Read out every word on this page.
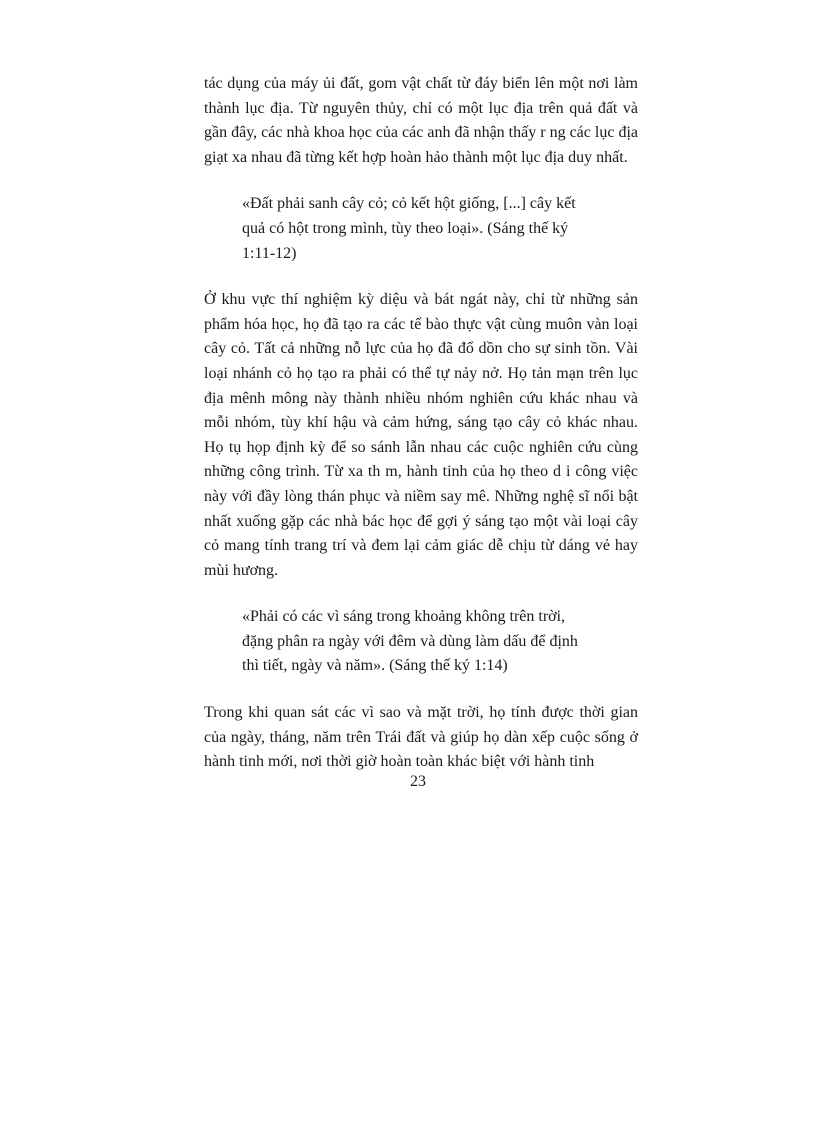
tác dụng của máy ủi đất, gom vật chất từ đáy biển lên một nơi làm thành lục địa. Từ nguyên thủy, chỉ có một lục địa trên quả đất và gần đây, các nhà khoa học của các anh đã nhận thấy r ng các lục địa giạt xa nhau đã từng kết hợp hoàn hảo thành một lục địa duy nhất.

«Đất phải sanh cây cỏ; cỏ kết hột giống, [...] cây kết quả có hột trong mình, tùy theo loại». (Sáng thế ký 1:11-12)

Ở khu vực thí nghiệm kỳ diệu và bát ngát này, chỉ từ những sản phẩm hóa học, họ đã tạo ra các tế bào thực vật cùng muôn vàn loại cây cỏ. Tất cả những nỗ lực của họ đã đổ dồn cho sự sinh tồn. Vài loại nhánh cỏ họ tạo ra phải có thể tự nảy nở. Họ tản mạn trên lục địa mênh mông này thành nhiều nhóm nghiên cứu khác nhau và mỗi nhóm, tùy khí hậu và cảm hứng, sáng tạo cây cỏ khác nhau. Họ tụ họp định kỳ để so sánh lẫn nhau các cuộc nghiên cứu cùng những công trình. Từ xa th m, hành tinh của họ theo d i công việc này với đầy lòng thán phục và niềm say mê. Những nghệ sĩ nổi bật nhất xuống gặp các nhà bác học để gợi ý sáng tạo một vài loại cây cỏ mang tính trang trí và đem lại cảm giác dễ chịu từ dáng vẻ hay mùi hương.

«Phải có các vì sáng trong khoảng không trên trời, đặng phân ra ngày với đêm và dùng làm dấu để định thì tiết, ngày và năm». (Sáng thế ký 1:14)

Trong khi quan sát các vì sao và mặt trời, họ tính được thời gian của ngày, tháng, năm trên Trái đất và giúp họ dàn xếp cuộc sống ở hành tinh mới, nơi thời giờ hoàn toàn khác biệt với hành tinh

23
